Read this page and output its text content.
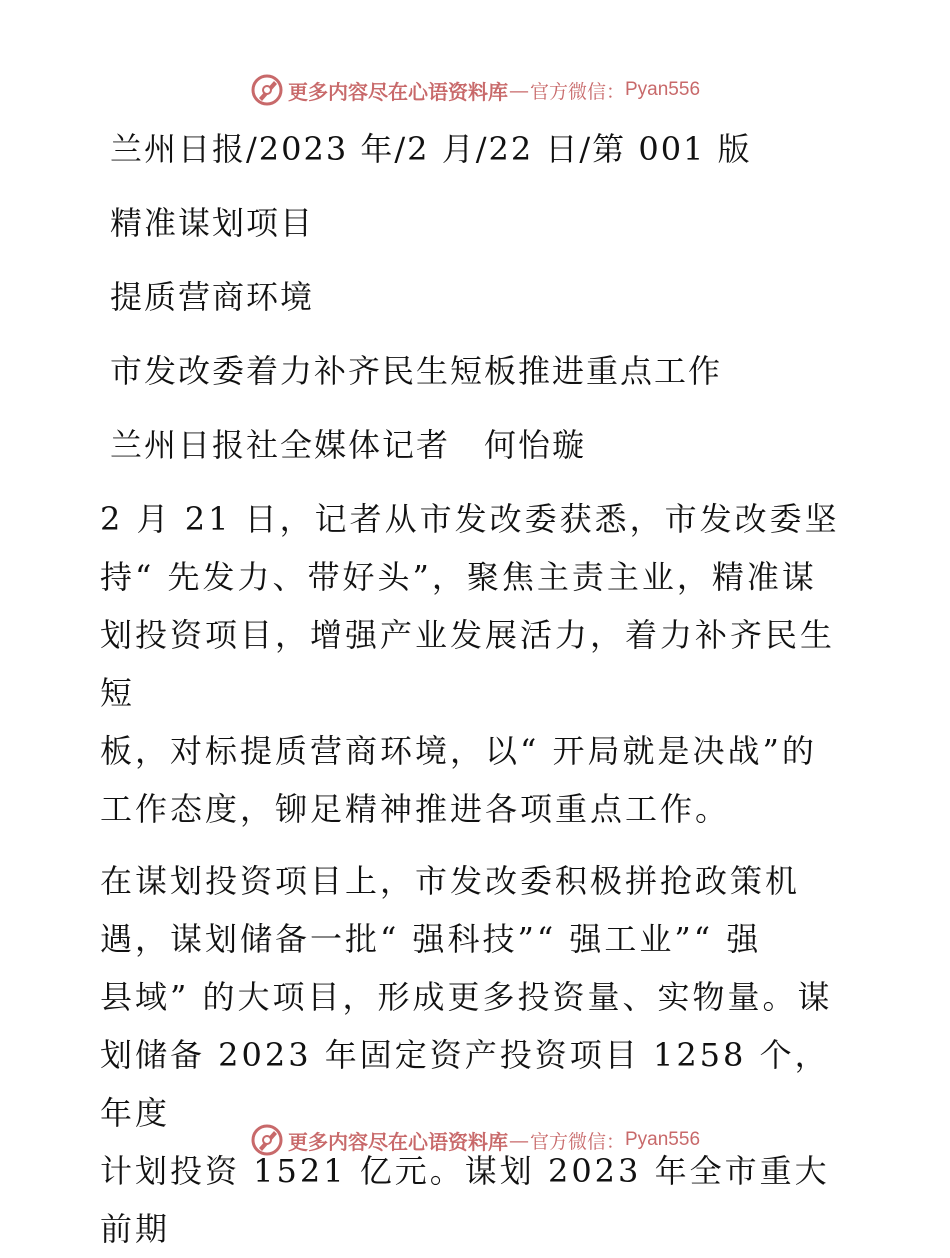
更多内容尽在心语资料库 — 官方微信： Pyan556

兰州日报/2023 年/2 月/22 日/第 001 版

精准谋划项目

提质营商环境

市发改委着力补齐民生短板推进重点工作

兰州日报社全媒体记者　何怡璇

2 月 21 日，记者从市发改委获悉，市发改委坚

持“ 先发力、带好头”，聚焦主责主业，精准谋

划投资项目，增强产业发展活力，着力补齐民生短

板，对标提质营商环境，以“ 开局就是决战”的

工作态度，铆足精神推进各项重点工作。

在谋划投资项目上，市发改委积极拼抢政策机

遇，谋划储备一批“ 强科技”“ 强工业”“ 强

县域” 的大项目，形成更多投资量、实物量。谋

划储备 2023 年固定资产投资项目 1258 个，年度

计划投资 1521 亿元。谋划 2023 年全市重大前期

更多内容尽在心语资料库 — 官方微信： Pyan556
